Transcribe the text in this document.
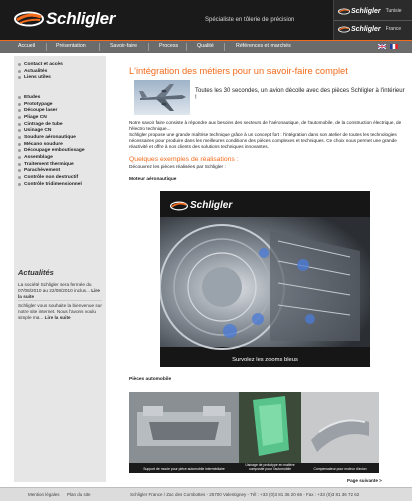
Schligler	Spécialiste en tôlerie de précision
Schligler Tunisie
Schligler France
Accueil	Présentation	Savoir-faire	Process	Qualité	Références et marchés
Contact et accès
Actualités
Liens utiles
Etudes
Prototypage
Découpe laser
Pliage CN
Cintrage de tube
Usinage CN
Soudure aéronautique
Mécano soudure
Découpage emboutissage
Assemblage
Traitement thermique
Parachèvement
Contrôle non destructif
Contrôle tridimensionnel
Actualités
La société Schligler sera fermée du 07/08/2010 au 22/08/2010 inclus... Lire la suite
Schligler vous souhaite la bienvenue sur notre site internet. Nous l'avons voulu simple ma... Lire la suite
L'intégration des métiers pour un savoir-faire complet
Toutes les 30 secondes, un avion décolle avec des pièces Schligler à l'intérieur !
Notre savoir faire consiste à répondre aux besoins des secteurs de l'aéronautique, de l'automobile, de la construction électrique, de l'électro technique...
Schligler propose une grande maîtrise technique grâce à un concept fort : l'intégration dans son atelier de toutes les technologies nécessaires pour produire dans les meilleures conditions des pièces complexes et techniques. Ce choix nous permet une grande réactivité et offre à nos clients des solutions techniques innovantes.
Quelques exemples de réalisations :
Découvrez les pièces réalisées par Schligler :
Moteur aéronautique
Schligler
Survolez les zooms bleus
Pièces automobile
Support de moule pour pièce automobile intermédiaire
Usinage de prototype en matière composite pour l'automobile	Compensateur pour moteur d'avion
Page suivante >
Mention légales Plan du site	Schligler France / Zac des Combottes - 25700 Valentigney - Tél : +33 (0)3 81 36 20 66 - Fax : +33 (0)3 81 36 72 62
